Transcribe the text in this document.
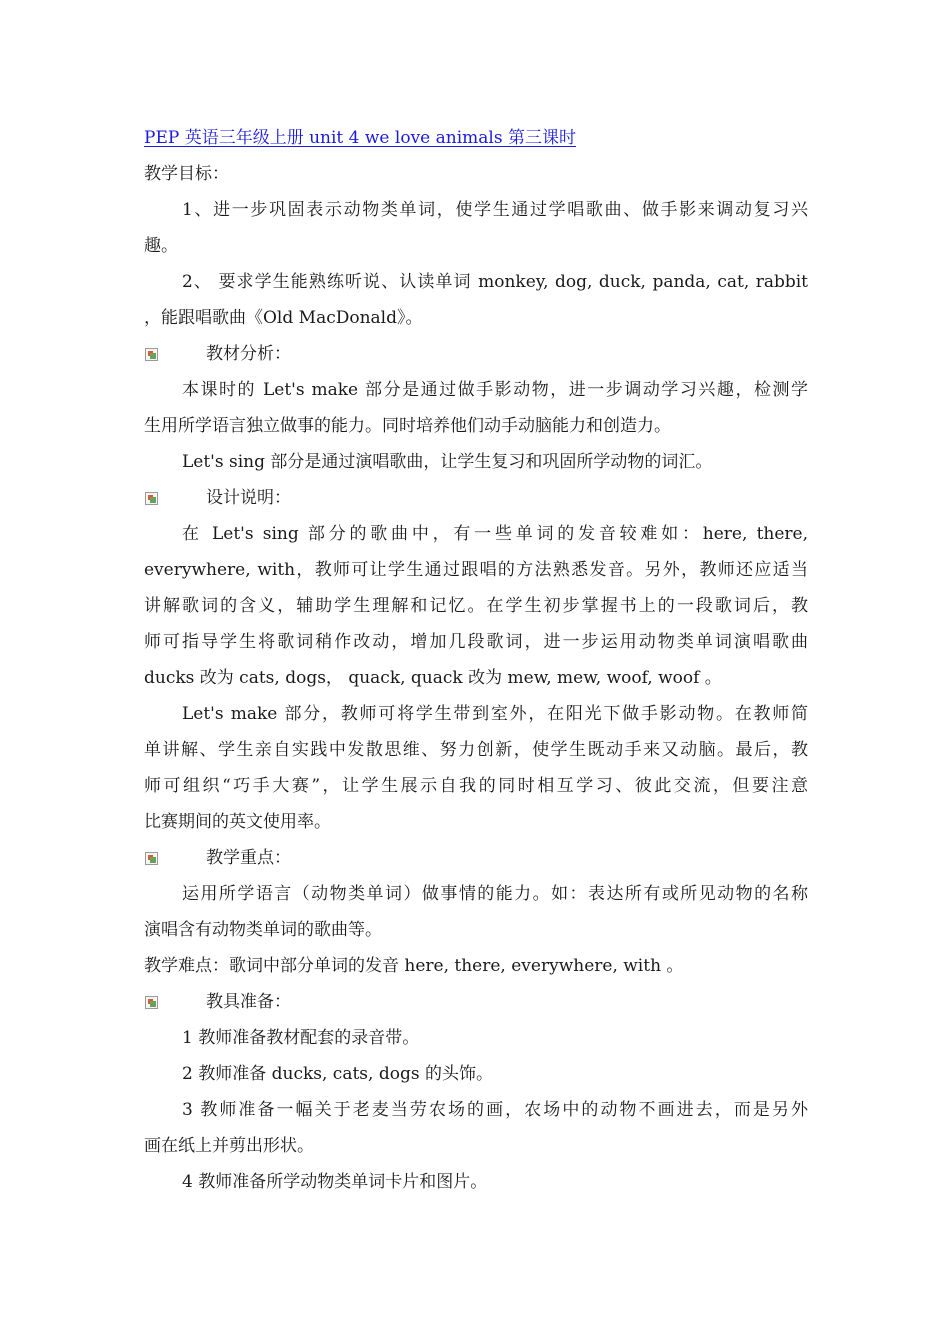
PEP 英语三年级上册 unit 4 we love animals 第三课时
教学目标：
1、进一步巩固表示动物类单词，使学生通过学唱歌曲、做手影来调动复习兴
趣。
2、 要求学生能熟练听说、认读单词 monkey, dog, duck, panda, cat, rabbit
，能跟唱歌曲《Old MacDonald》。
教材分析：
本课时的 Let's make 部分是通过做手影动物，进一步调动学习兴趣，检测学
生用所学语言独立做事的能力。同时培养他们动手动脑能力和创造力。
Let's sing 部分是通过演唱歌曲，让学生复习和巩固所学动物的词汇。
设计说明：
在 Let's sing 部分的歌曲中，有一些单词的发音较难如：here, there,
everywhere, with，教师可让学生通过跟唱的方法熟悉发音。另外，教师还应适当
讲解歌词的含义，辅助学生理解和记忆。在学生初步掌握书上的一段歌词后，教
师可指导学生将歌词稍作改动，增加几段歌词，进一步运用动物类单词演唱歌曲
ducks 改为 cats, dogs， quack, quack 改为 mew, mew, woof, woof 。
Let's make 部分，教师可将学生带到室外，在阳光下做手影动物。在教师简
单讲解、学生亲自实践中发散思维、努力创新，使学生既动手来又动脑。最后，教
师可组织“巧手大赛”，让学生展示自我的同时相互学习、彼此交流，但要注意
比赛期间的英文使用率。
教学重点：
运用所学语言（动物类单词）做事情的能力。如：表达所有或所见动物的名称
演唱含有动物类单词的歌曲等。
教学难点：歌词中部分单词的发音 here, there, everywhere, with 。
教具准备：
1 教师准备教材配套的录音带。
2 教师准备 ducks, cats, dogs 的头饰。
3 教师准备一幅关于老麦当劳农场的画，农场中的动物不画进去，而是另外
画在纸上并剪出形状。
4 教师准备所学动物类单词卡片和图片。
